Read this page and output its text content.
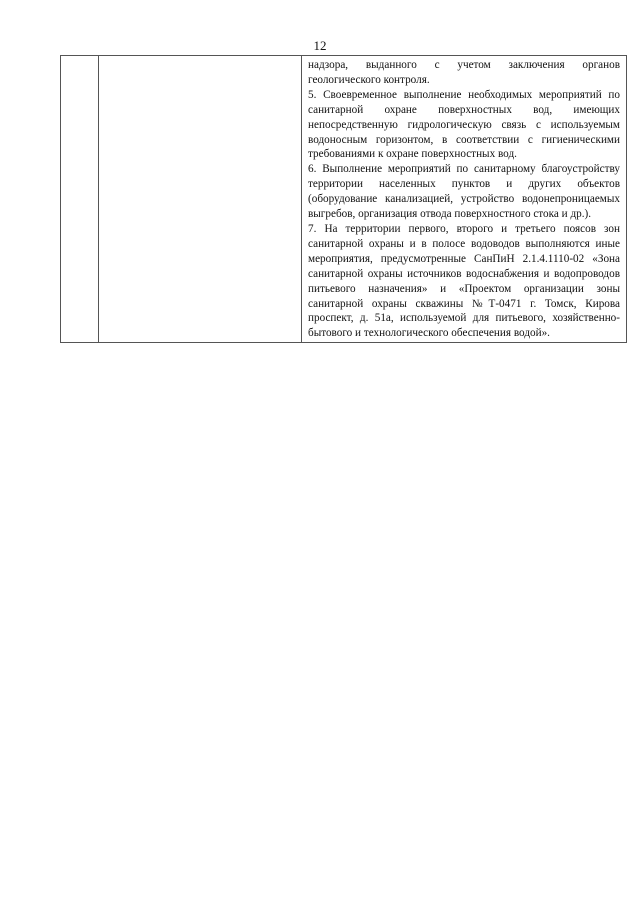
12

надзора, выданного с учетом заключения органов геологического контроля.

5. Своевременное выполнение необходимых мероприятий по санитарной охране поверхностных вод, имеющих непосредственную гидрологическую связь с используемым водоносным горизонтом, в соответствии с гигиеническими требованиями к охране поверхностных вод.

6. Выполнение мероприятий по санитарному благоустройству территории населенных пунктов и других объектов (оборудование канализацией, устройство водонепроницаемых выгребов, организация отвода поверхностного стока и др.).

7. На территории первого, второго и третьего поясов зон санитарной охраны и в полосе водоводов выполняются иные мероприятия, предусмотренные СанПиН 2.1.4.1110-02 «Зона санитарной охраны источников водоснабжения и водопроводов питьевого назначения» и «Проектом организации зоны санитарной охраны скважины №Т-0471 г. Томск, Кирова проспект, д. 51а, используемой для питьевого, хозяйственно-бытового и технологического обеспечения водой».
